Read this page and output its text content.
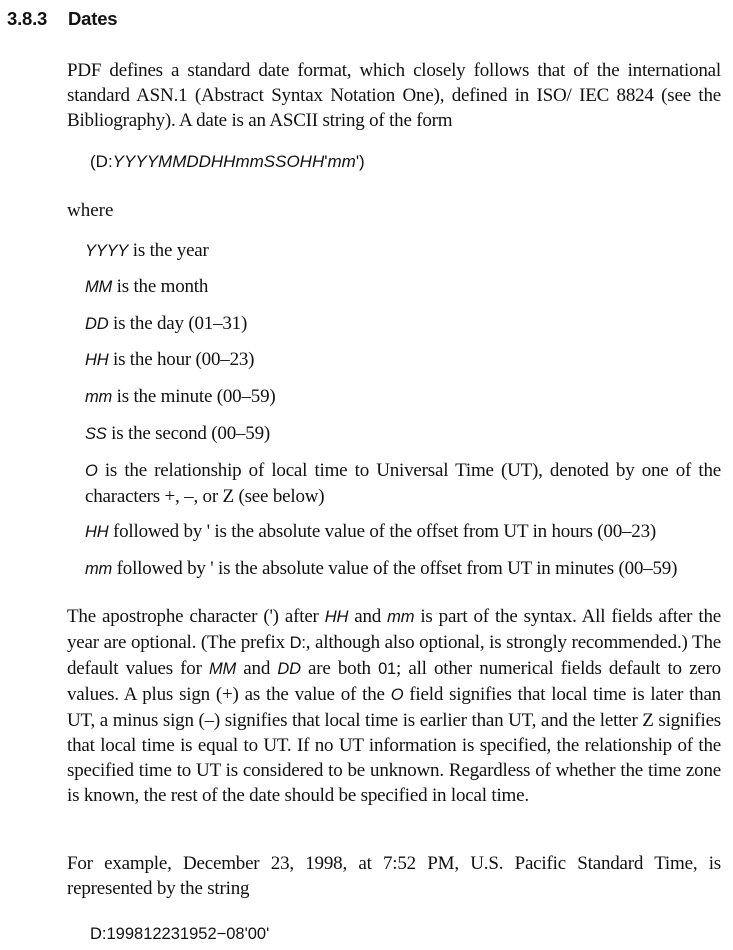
3.8.3 Dates

PDF defines a standard date format, which closely follows that of the international standard ASN.1 (Abstract Syntax Notation One), defined in ISO/ IEC 8824 (see the Bibliography). A date is an ASCII string of the form

(D:YYYYMMDDHHmmSSOHH'mm')
where
YYYY is the year
MM is the month
DD is the day (01–31)
HH is the hour (00–23)
mm is the minute (00–59)
SS is the second (00–59)
O is the relationship of local time to Universal Time (UT), denoted by one of the characters +, –, or Z (see below)
HH followed by ' is the absolute value of the offset from UT in hours (00–23)
mm followed by ' is the absolute value of the offset from UT in minutes (00–59)

The apostrophe character (') after HH and mm is part of the syntax. All fields after the year are optional. (The prefix D:, although also optional, is strongly recommended.) The default values for MM and DD are both 01; all other numerical fields default to zero values. A plus sign (+) as the value of the O field signifies that local time is later than UT, a minus sign (–) signifies that local time is earlier than UT, and the letter Z signifies that local time is equal to UT. If no UT information is specified, the relationship of the specified time to UT is considered to be unknown. Regardless of whether the time zone is known, the rest of the date should be specified in local time.

For example, December 23, 1998, at 7:52 PM, U.S. Pacific Standard Time, is represented by the string

D:199812231952−08'00'
